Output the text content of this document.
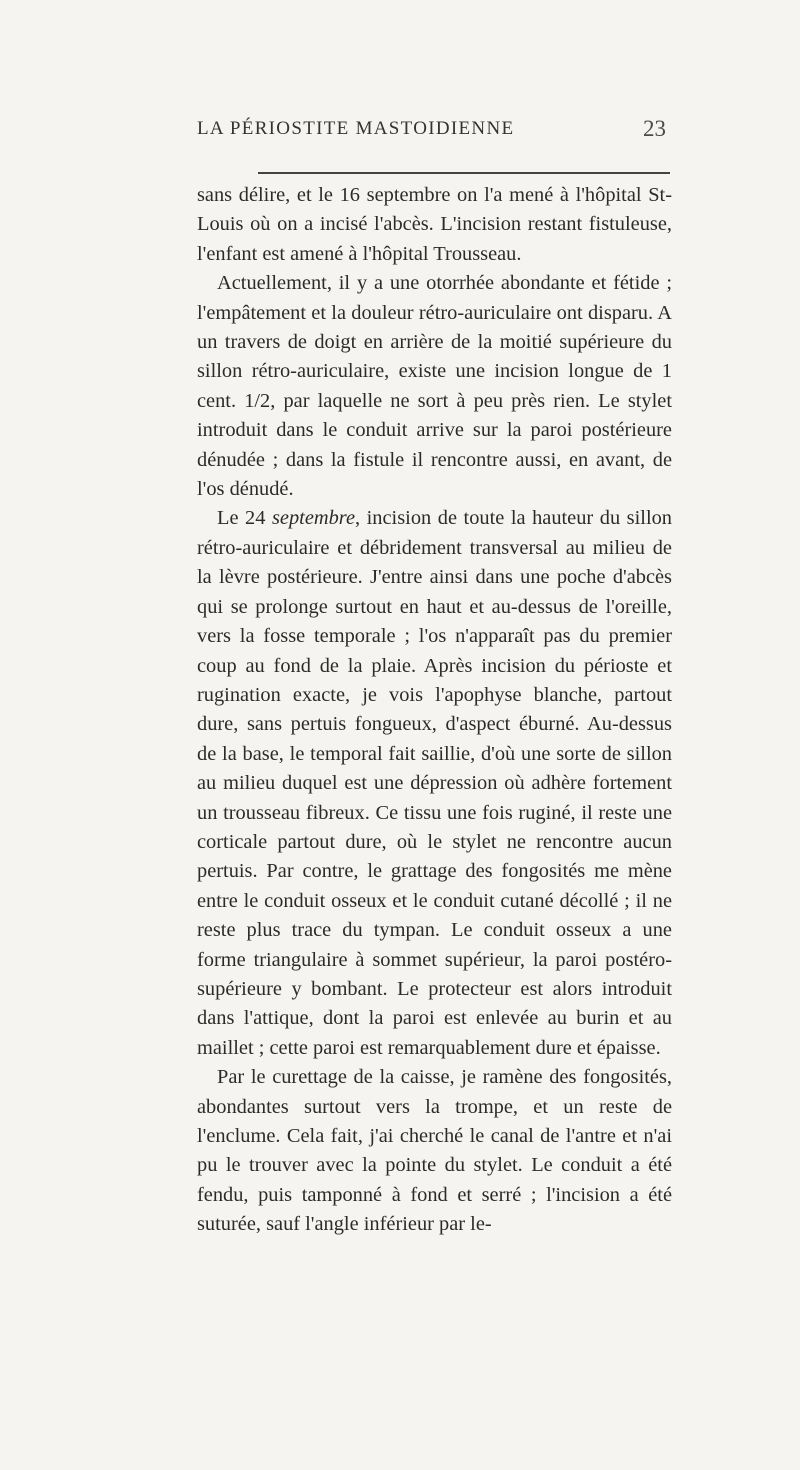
LA PÉRIOSTITE MASTOIDIENNE	23

sans délire, et le 16 septembre on l'a mené à l'hôpital St-Louis où on a incisé l'abcès. L'incision restant fistuleuse, l'enfant est amené à l'hôpital Trousseau.

Actuellement, il y a une otorrhée abondante et fétide ; l'empâtement et la douleur rétro-auriculaire ont disparu. A un travers de doigt en arrière de la moitié supérieure du sillon rétro-auriculaire, existe une incision longue de 1 cent. 1/2, par laquelle ne sort à peu près rien. Le stylet introduit dans le conduit arrive sur la paroi postérieure dénudée ; dans la fistule il rencontre aussi, en avant, de l'os dénudé.

Le 24 septembre, incision de toute la hauteur du sillon rétro-auriculaire et débridement transversal au milieu de la lèvre postérieure. J'entre ainsi dans une poche d'abcès qui se prolonge surtout en haut et au-dessus de l'oreille, vers la fosse temporale ; l'os n'apparaît pas du premier coup au fond de la plaie. Après incision du périoste et rugination exacte, je vois l'apophyse blanche, partout dure, sans pertuis fongueux, d'aspect éburné. Au-dessus de la base, le temporal fait saillie, d'où une sorte de sillon au milieu duquel est une dépression où adhère fortement un trousseau fibreux. Ce tissu une fois ruginé, il reste une corticale partout dure, où le stylet ne rencontre aucun pertuis. Par contre, le grattage des fongosités me mène entre le conduit osseux et le conduit cutané décollé ; il ne reste plus trace du tympan. Le conduit osseux a une forme triangulaire à sommet supérieur, la paroi postéro-supérieure y bombant. Le protecteur est alors introduit dans l'attique, dont la paroi est enlevée au burin et au maillet ; cette paroi est remarquablement dure et épaisse.

Par le curettage de la caisse, je ramène des fongosités, abondantes surtout vers la trompe, et un reste de l'enclume. Cela fait, j'ai cherché le canal de l'antre et n'ai pu le trouver avec la pointe du stylet. Le conduit a été fendu, puis tamponné à fond et serré ; l'incision a été suturée, sauf l'angle inférieur par le-
